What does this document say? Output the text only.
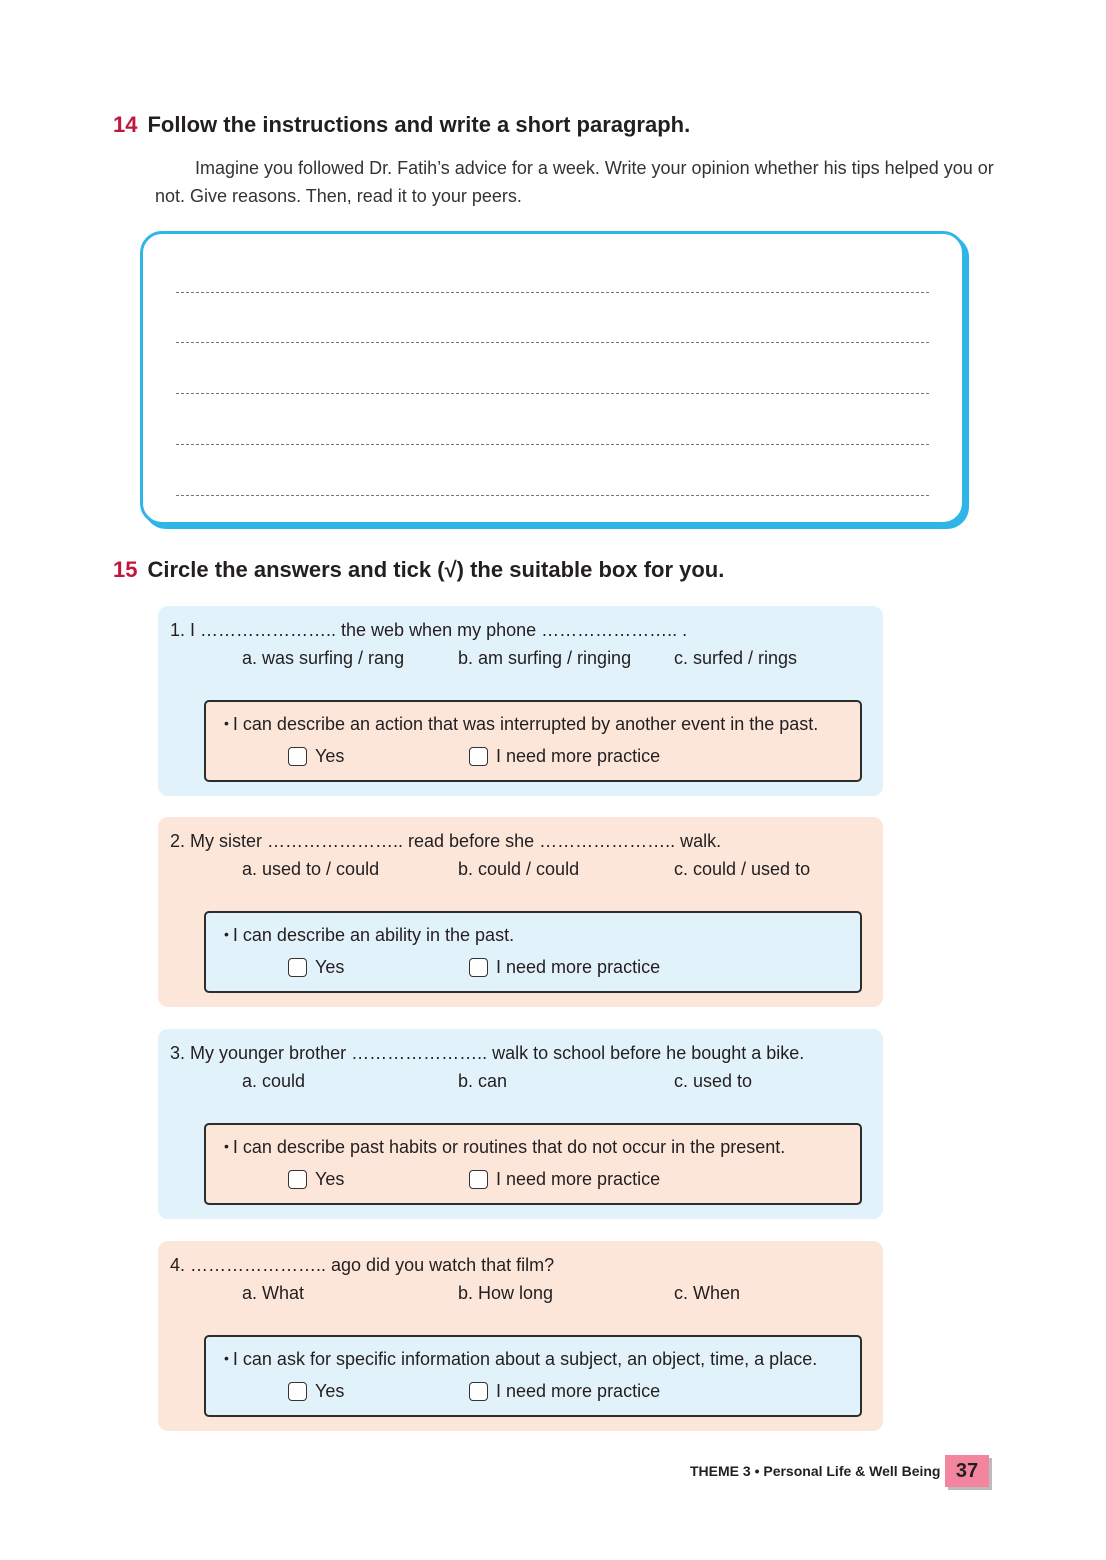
14 Follow the instructions and write a short paragraph.
Imagine you followed Dr. Fatih’s advice for a week. Write your opinion whether his tips helped you or not. Give reasons. Then, read it to your peers.
15 Circle the answers and tick (√) the suitable box for you.
1. I ………………….. the web when my phone ………………….. .
a. was surfing / rang	b. am surfing / ringing c. surfed / rings
• I can describe an action that was interrupted by another event in the past.
Yes	I need more practice
2. My sister ………………….. read before she ………………….. walk.
a. used to / could	b. could / could	c. could / used to
• I can describe an ability in the past.
Yes	I need more practice
3. My younger brother ………………….. walk to school before he bought a bike.
a. could	b. can	c. used to
• I can describe past habits or routines that do not occur in the present.
Yes	I need more practice
4. ………………….. ago did you watch that film?
a. What	b. How long	c. When
• I can ask for specific information about a subject, an object, time, a place.
Yes	I need more practice
THEME 3 • Personal Life & Well Being 37
